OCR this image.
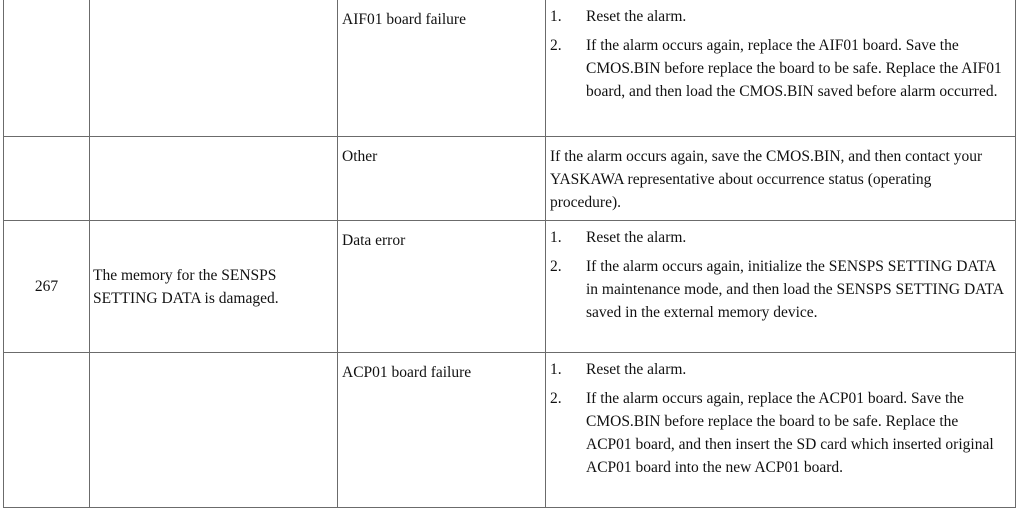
		AIF01 board failure	1. Reset the alarm.
2. If the alarm occurs again, replace the AIF01 board. Save the CMOS.BIN before replace the board to be safe. Replace the AIF01 board, and then load the CMOS.BIN saved before alarm occurred.

		Other	If the alarm occurs again, save the CMOS.BIN, and then contact your YASKAWA representative about occurrence status (operating procedure).

267	The memory for the SENSPS SETTING DATA is damaged.	Data error	1. Reset the alarm.
2. If the alarm occurs again, initialize the SENSPS SETTING DATA in maintenance mode, and then load the SENSPS SETTING DATA saved in the external memory device.

		ACP01 board failure	1. Reset the alarm.
2. If the alarm occurs again, replace the ACP01 board. Save the CMOS.BIN before replace the board to be safe. Replace the ACP01 board, and then insert the SD card which inserted original ACP01 board into the new ACP01 board.
